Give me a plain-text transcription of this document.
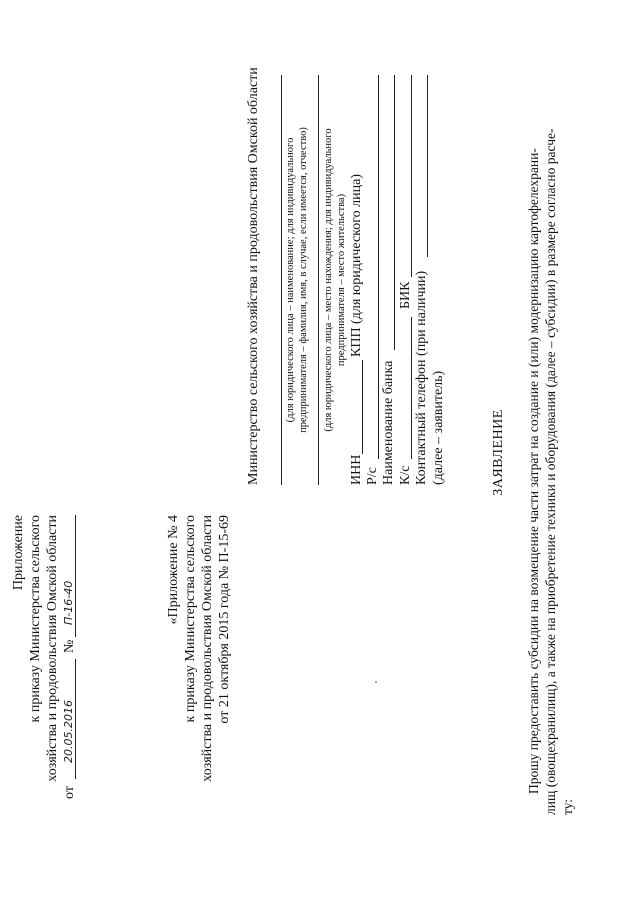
Приложение к приказу Министерства сельского хозяйства и продовольствия Омской области
от
20.05.2016
№
П-16-40	«Приложение № 4 к приказу Министерства сельского хозяйства и продовольствия Омской области от 21 октября 2015 года № П-15-69
Министерство сельского хозяйства и продовольствия Омской области (для юридического лица – наименование; для индивидуального предпринимателя – фамилия, имя, в случае, если имеется, отчество) (для юридического лица – место нахождения; для индивидуального предпринимателя – место жительства)
ИНН
КПП (для юридического лица)
Р/с Наименование банка К/с
БИК Контактный телефон (при наличии) (далее – заявитель)	ЗАЯВЛЕНИЕ Прошу предоставить субсидии на возмещение части затрат на создание и (или) модернизацию картофелехрани- лищ (овощехранилищ), а также на приобретение техники и оборудования (далее – субсидии) в размере согласно расче- ту:
